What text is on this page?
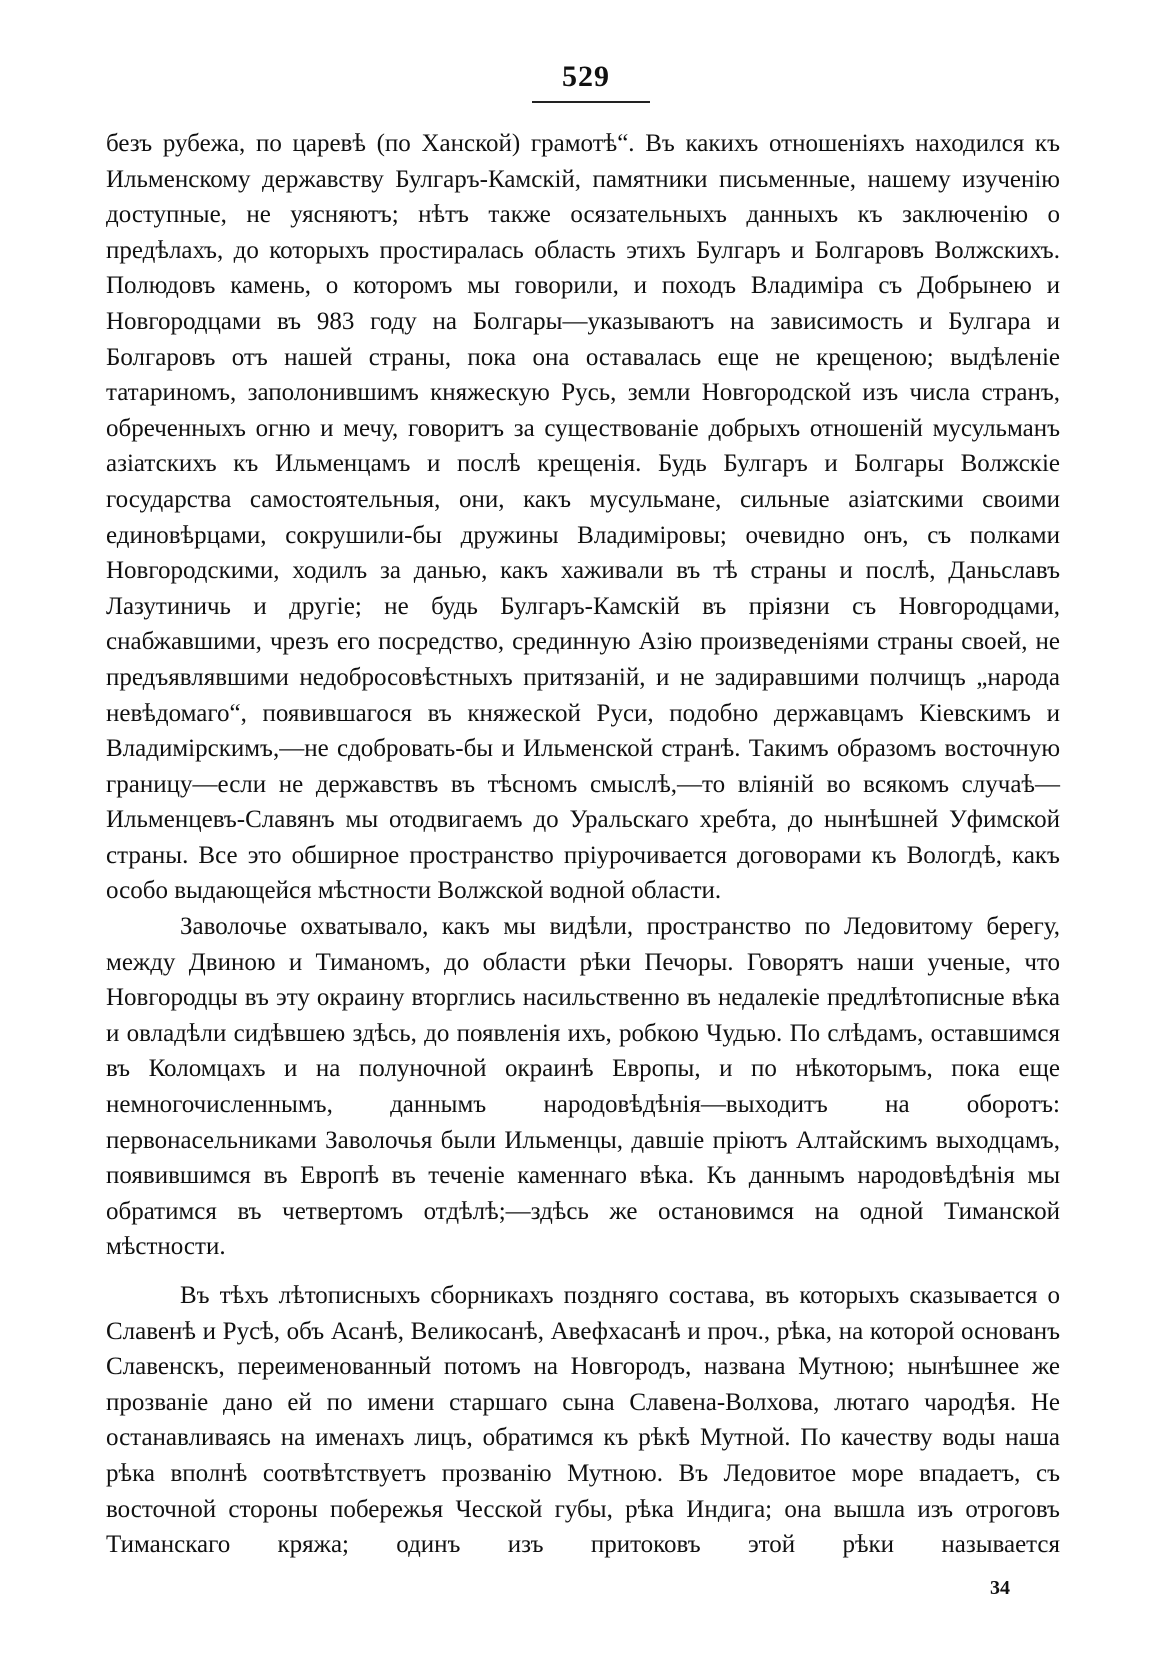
529

безъ рубежа, по царевѣ (по Ханской) грамотѣ“. Въ какихъ отношеніяхъ находился къ Ильменскому державству Булгаръ-Камскій, памятники письменные, нашему изученію доступные, не уясняютъ; нѣтъ также осязательныхъ данныхъ къ заключенію о предѣлахъ, до которыхъ простиралась область этихъ Булгаръ и Болгаровъ Волжскихъ. Полюдовъ камень, о которомъ мы говорили, и походъ Владиміра съ Добрынею и Новгородцами въ 983 году на Болгары—указываютъ на зависимость и Булгара и Болгаровъ отъ нашей страны, пока она оставалась еще не крещеною; выдѣленіе татариномъ, заполонившимъ княжескую Русь, земли Новгородской изъ числа странъ, обреченныхъ огню и мечу, говоритъ за существованіе добрыхъ отношеній мусульманъ азіатскихъ къ Ильменцамъ и послѣ крещенія. Будь Булгаръ и Болгары Волжскіе государства самостоятельныя, они, какъ мусульмане, сильные азіатскими своими единовѣрцами, сокрушили-бы дружины Владиміровы; очевидно онъ, съ полками Новгородскими, ходилъ за данью, какъ хаживали въ тѣ страны и послѣ, Даньславъ Лазутиничь и другіе; не будь Булгаръ-Камскій въ пріязни съ Новгородцами, снабжавшими, чрезъ его посредство, срединную Азію произведеніями страны своей, не предъявлявшими недобросовѣстныхъ притязаній, и не задиравшими полчищъ „народа невѣдомаго“, появившагося въ княжеской Руси, подобно державцамъ Кіевскимъ и Владимірскимъ,—не сдобровать-бы и Ильменской странѣ. Такимъ образомъ восточную границу—если не державствъ въ тѣсномъ смыслѣ,—то вліяній во всякомъ случаѣ—Ильменцевъ-Славянъ мы отодвигаемъ до Уральскаго хребта, до нынѣшней Уфимской страны. Все это обширное пространство пріурочивается договорами къ Вологдѣ, какъ особо выдающейся мѣстности Волжской водной области.

Заволочье охватывало, какъ мы видѣли, пространство по Ледовитому берегу, между Двиною и Тиманомъ, до области рѣки Печоры. Говорятъ наши ученые, что Новгородцы въ эту окраину вторглись насильственно въ недалекіе предлѣтописные вѣка и овладѣли сидѣвшею здѣсь, до появленія ихъ, робкою Чудью. По слѣдамъ, оставшимся въ Коломцахъ и на полуночной окраинѣ Европы, и по нѣкоторымъ, пока еще немногочисленнымъ, даннымъ народовѣдѣнія—выходитъ на оборотъ: первонасельниками Заволочья были Ильменцы, давшіе пріютъ Алтайскимъ выходцамъ, появившимся въ Европѣ въ теченіе каменнаго вѣка. Къ даннымъ народовѣдѣнія мы обратимся въ четвертомъ отдѣлѣ;—здѣсь же остановимся на одной Тиманской мѣстности.

Въ тѣхъ лѣтописныхъ сборникахъ поздняго состава, въ которыхъ сказывается о Славенѣ и Русѣ, объ Асанѣ, Великосанѣ, Авефхасанѣ и проч., рѣка, на которой основанъ Славенскъ, переименованный потомъ на Новгородъ, названа Мутною; нынѣшнее же прозваніе дано ей по имени старшаго сына Славена-Волхова, лютаго чародѣя. Не останавливаясь на именахъ лицъ, обратимся къ рѣкѣ Мутной. По качеству воды наша рѣка вполнѣ соотвѣтствуетъ прозванію Мутною. Въ Ледовитое море впадаетъ, съ восточной стороны побережья Чесской губы, рѣка Индига; она вышла изъ отроговъ Тиманскаго кряжа; одинъ изъ притоковъ этой рѣки называется

34
